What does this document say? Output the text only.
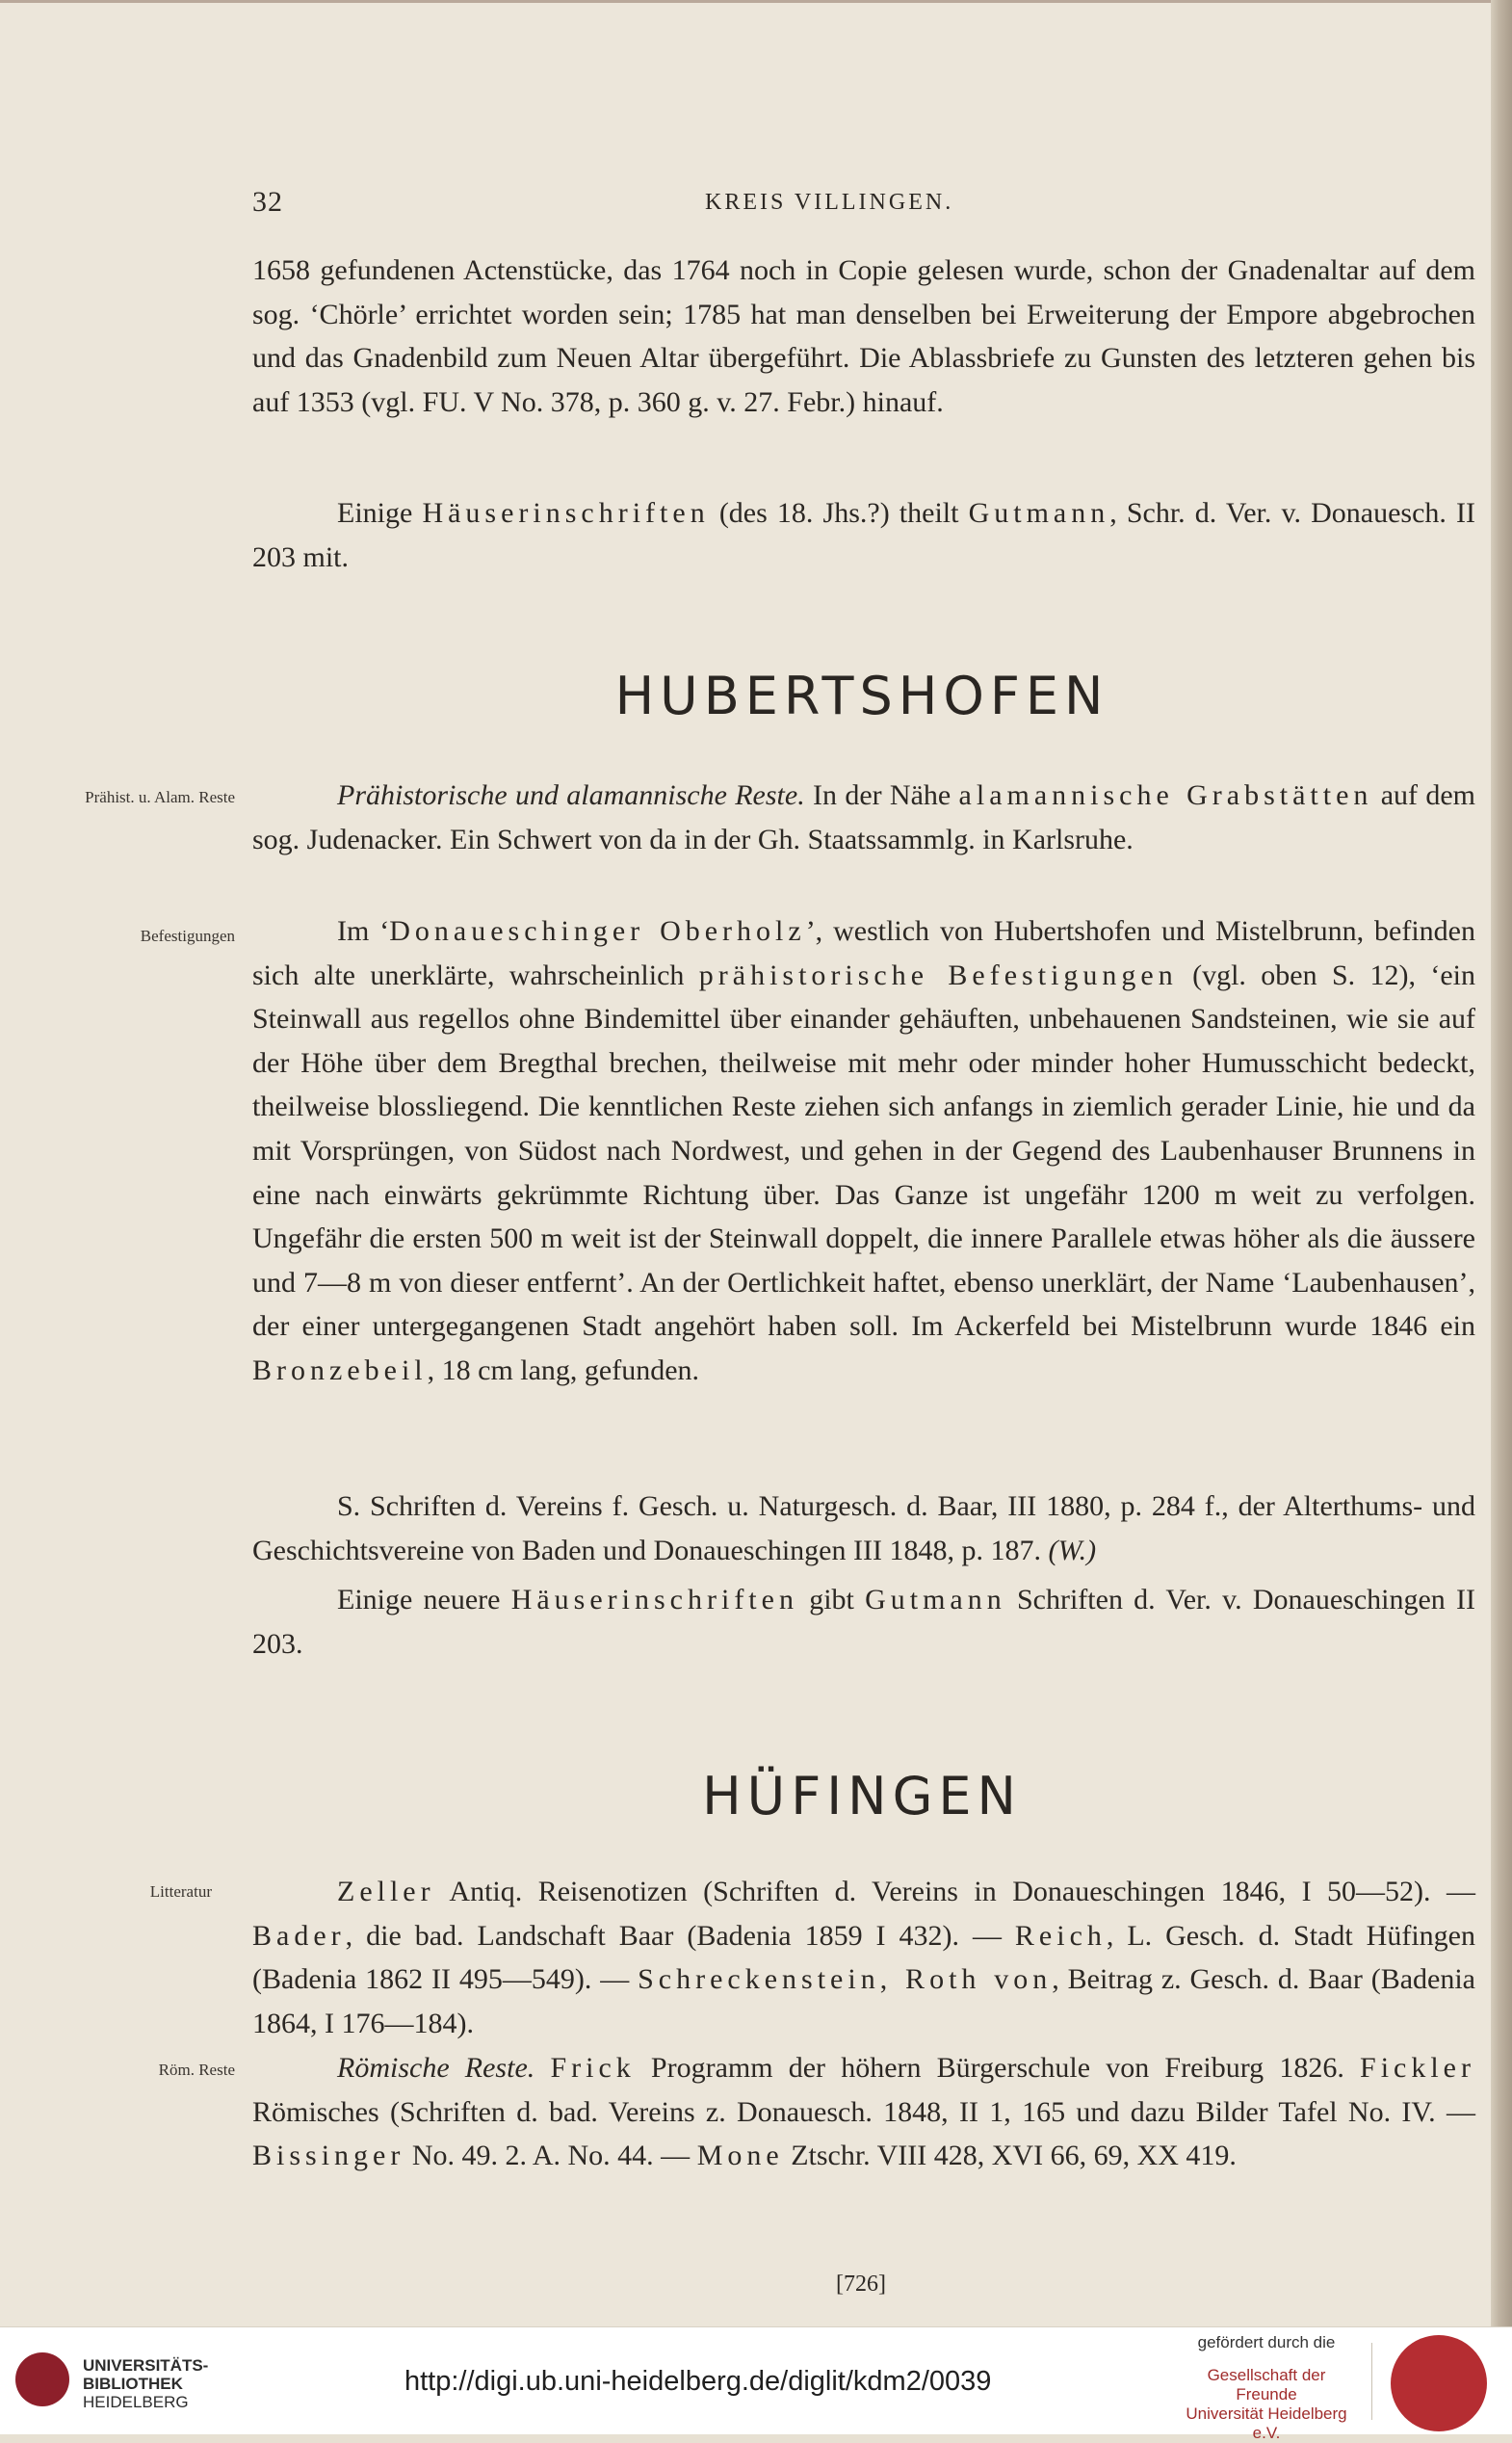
32	KREIS VILLINGEN.

1658 gefundenen Actenstücke, das 1764 noch in Copie gelesen wurde, schon der Gnadenaltar auf dem sog. ‘Chörle’ errichtet worden sein; 1785 hat man denselben bei Erweiterung der Empore abgebrochen und das Gnadenbild zum Neuen Altar übergeführt. Die Ablassbriefe zu Gunsten des letzteren gehen bis auf 1353 (vgl. FU. V No. 378, p. 360 g. v. 27. Febr.) hinauf.

Einige Häuserinschriften (des 18. Jhs.?) theilt Gutmann, Schr. d. Ver. v. Donauesch. II 203 mit.

HUBERTSHOFEN
Prähist. u. Alam. Reste
Befestigungen

Prähistorische und alamannische Reste. In der Nähe alamannische Grabstätten auf dem sog. Judenacker. Ein Schwert von da in der Gh. Staatssammlg. in Karlsruhe.

Im ‘Donaueschinger Oberholz’, westlich von Hubertshofen und Mistelbrunn, befinden sich alte unerklärte, wahrscheinlich prähistorische Befestigungen (vgl. oben S. 12), ‘ein Steinwall aus regellos ohne Bindemittel über einander gehäuften, unbehauenen Sandsteinen, wie sie auf der Höhe über dem Bregthal brechen, theilweise mit mehr oder minder hoher Humusschicht bedeckt, theilweise blossliegend. Die kenntlichen Reste ziehen sich anfangs in ziemlich gerader Linie, hie und da mit Vorsprüngen, von Südost nach Nordwest, und gehen in der Gegend des Laubenhauser Brunnens in eine nach einwärts gekrümmte Richtung über. Das Ganze ist ungefähr 1200 m weit zu verfolgen. Ungefähr die ersten 500 m weit ist der Steinwall doppelt, die innere Parallele etwas höher als die äussere und 7—8 m von dieser entfernt’. An der Oertlichkeit haftet, ebenso unerklärt, der Name ‘Laubenhausen’, der einer untergegangenen Stadt angehört haben soll. Im Ackerfeld bei Mistelbrunn wurde 1846 ein Bronzebeil, 18 cm lang, gefunden.

S. Schriften d. Vereins f. Gesch. u. Naturgesch. d. Baar, III 1880, p. 284 f., der Alterthums- und Geschichtsvereine von Baden und Donaueschingen III 1848, p. 187. (W.)

Einige neuere Häuserinschriften gibt Gutmann Schriften d. Ver. v. Donaueschingen II 203.

HÜFINGEN
Litteratur
Röm. Reste

Zeller Antiq. Reisenotizen (Schriften d. Vereins in Donaueschingen 1846, I 50—52). — Bader, die bad. Landschaft Baar (Badenia 1859 I 432). — Reich, L. Gesch. d. Stadt Hüfingen (Badenia 1862 II 495—549). — Schreckenstein, Roth von, Beitrag z. Gesch. d. Baar (Badenia 1864, I 176—184).

Römische Reste. Frick Programm der höhern Bürgerschule von Freiburg 1826. Fickler Römisches (Schriften d. bad. Vereins z. Donauesch. 1848, II 1, 165 und dazu Bilder Tafel No. IV. — Bissinger No. 49. 2. A. No. 44. — Mone Ztschr. VIII 428, XVI 66, 69, XX 419.

[726]
UNIVERSITÄTS-
BIBLIOTHEK
HEIDELBERG
http://digi.ub.uni-heidelberg.de/diglit/kdm2/0039
gefördert durch die
Gesellschaft der Freunde
Universität Heidelberg e.V.
